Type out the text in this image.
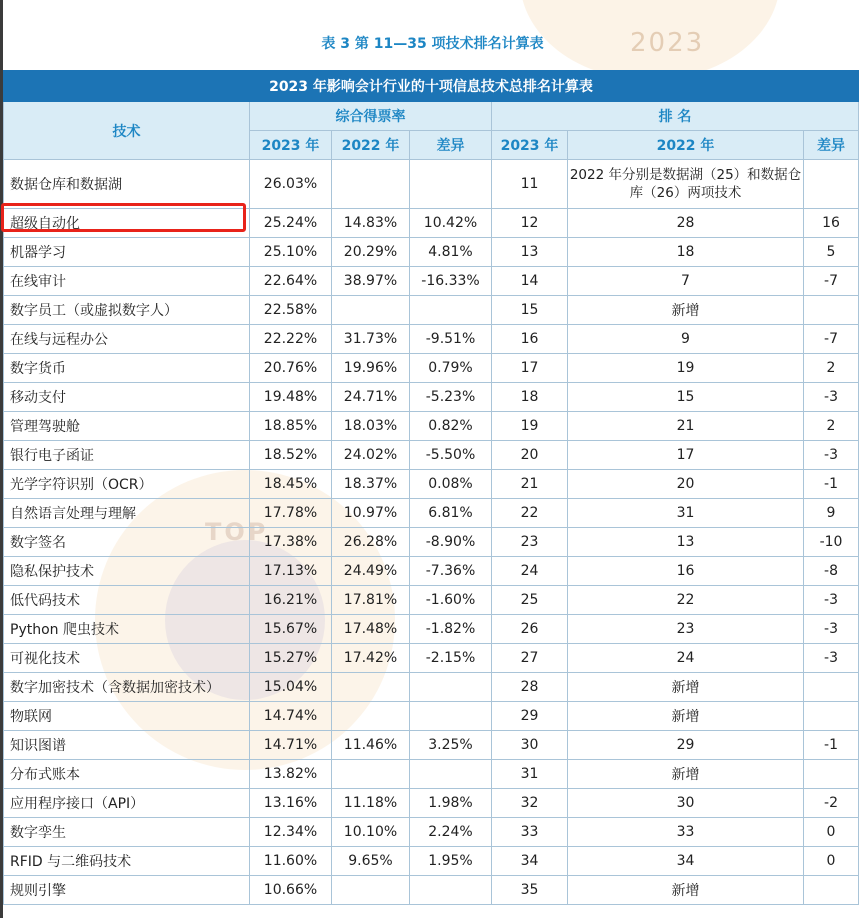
2023
TOP
表 3 第 11—35 项技术排名计算表
2023 年影响会计行业的十项信息技术总排名计算表						
技术	综合得票率			排 名		
	2023 年	2022 年	差异	2023 年	2022 年	差异
数据仓库和数据湖	26.03%			11	2022 年分别是数据湖（25）和数据仓库（26）两项技术	
超级自动化	25.24%	14.83%	10.42%	12	28	16
机器学习	25.10%	20.29%	4.81%	13	18	5
在线审计	22.64%	38.97%	-16.33%	14	7	-7
数字员工（或虚拟数字人）	22.58%			15	新增	
在线与远程办公	22.22%	31.73%	-9.51%	16	9	-7
数字货币	20.76%	19.96%	0.79%	17	19	2
移动支付	19.48%	24.71%	-5.23%	18	15	-3
管理驾驶舱	18.85%	18.03%	0.82%	19	21	2
银行电子函证	18.52%	24.02%	-5.50%	20	17	-3
光学字符识别（OCR）	18.45%	18.37%	0.08%	21	20	-1
自然语言处理与理解	17.78%	10.97%	6.81%	22	31	9
数字签名	17.38%	26.28%	-8.90%	23	13	-10
隐私保护技术	17.13%	24.49%	-7.36%	24	16	-8
低代码技术	16.21%	17.81%	-1.60%	25	22	-3
Python 爬虫技术	15.67%	17.48%	-1.82%	26	23	-3
可视化技术	15.27%	17.42%	-2.15%	27	24	-3
数字加密技术（含数据加密技术）	15.04%			28	新增	
物联网	14.74%			29	新增	
知识图谱	14.71%	11.46%	3.25%	30	29	-1
分布式账本	13.82%			31	新增	
应用程序接口（API）	13.16%	11.18%	1.98%	32	30	-2
数字孪生	12.34%	10.10%	2.24%	33	33	0
RFID 与二维码技术	11.60%	9.65%	1.95%	34	34	0
规则引擎	10.66%			35	新增	
